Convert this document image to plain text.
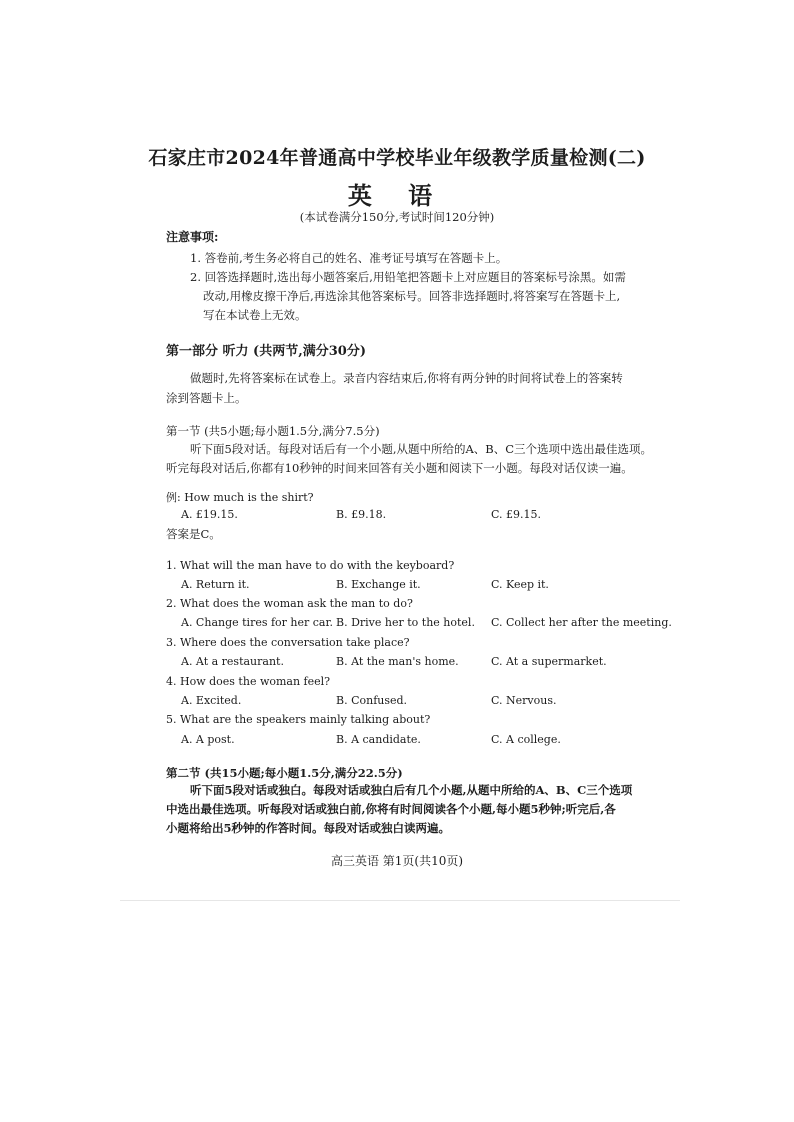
石家庄市2024年普通高中学校毕业年级教学质量检测(二)
英 语
(本试卷满分150分,考试时间120分钟)
注意事项:
1. 答卷前,考生务必将自己的姓名、准考证号填写在答题卡上。
2. 回答选择题时,选出每小题答案后,用铅笔把答题卡上对应题目的答案标号涂黑。如需
改动,用橡皮擦干净后,再选涂其他答案标号。回答非选择题时,将答案写在答题卡上,
写在本试卷上无效。
第一部分 听力 (共两节,满分30分)
做题时,先将答案标在试卷上。录音内容结束后,你将有两分钟的时间将试卷上的答案转
涂到答题卡上。
第一节 (共5小题;每小题1.5分,满分7.5分)
听下面5段对话。每段对话后有一个小题,从题中所给的A、B、C三个选项中选出最佳选项。
听完每段对话后,你都有10秒钟的时间来回答有关小题和阅读下一小题。每段对话仅读一遍。
例: How much is the shirt?
A. £19.15.	B. £9.18.	C. £9.15.
答案是C。
1. What will the man have to do with the keyboard?
A. Return it.	B. Exchange it.	C. Keep it.
2. What does the woman ask the man to do?
A. Change tires for her car. B. Drive her to the hotel. C. Collect her after the meeting.
3. Where does the conversation take place?
A. At a restaurant.	B. At the man's home.	C. At a supermarket.
4. How does the woman feel?
A. Excited.	B. Confused.	C. Nervous.
5. What are the speakers mainly talking about?
A. A post.	B. A candidate.	C. A college.
第二节 (共15小题;每小题1.5分,满分22.5分)
听下面5段对话或独白。每段对话或独白后有几个小题,从题中所给的A、B、C三个选项
中选出最佳选项。听每段对话或独白前,你将有时间阅读各个小题,每小题5秒钟;听完后,各
小题将给出5秒钟的作答时间。每段对话或独白读两遍。
高三英语 第1页(共10页)
